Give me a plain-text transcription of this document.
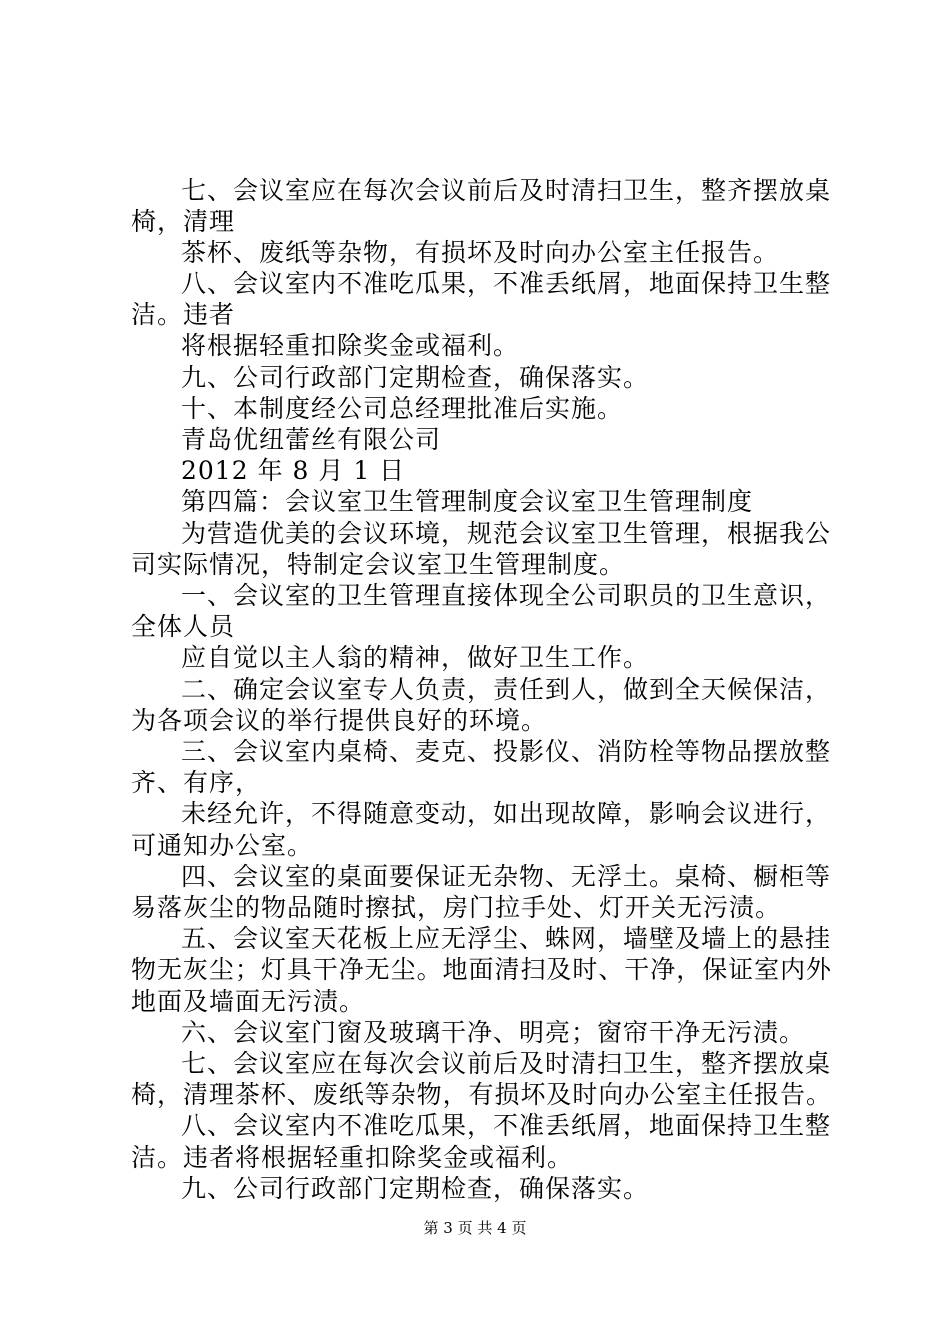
七、会议室应在每次会议前后及时清扫卫生，整齐摆放桌
椅，清理
茶杯、废纸等杂物，有损坏及时向办公室主任报告。
八、会议室内不准吃瓜果，不准丢纸屑，地面保持卫生整
洁。违者
将根据轻重扣除奖金或福利。
九、公司行政部门定期检查，确保落实。
十、本制度经公司总经理批准后实施。
青岛优纽蕾丝有限公司
2012 年 8 月 1 日
第四篇：会议室卫生管理制度会议室卫生管理制度
为营造优美的会议环境，规范会议室卫生管理，根据我公
司实际情况，特制定会议室卫生管理制度。
一、会议室的卫生管理直接体现全公司职员的卫生意识，
全体人员
应自觉以主人翁的精神，做好卫生工作。
二、确定会议室专人负责，责任到人，做到全天候保洁，
为各项会议的举行提供良好的环境。
三、会议室内桌椅、麦克、投影仪、消防栓等物品摆放整
齐、有序，
未经允许，不得随意变动，如出现故障，影响会议进行，
可通知办公室。
四、会议室的桌面要保证无杂物、无浮土。桌椅、橱柜等
易落灰尘的物品随时擦拭，房门拉手处、灯开关无污渍。
五、会议室天花板上应无浮尘、蛛网，墙壁及墙上的悬挂
物无灰尘；灯具干净无尘。地面清扫及时、干净，保证室内外
地面及墙面无污渍。
六、会议室门窗及玻璃干净、明亮；窗帘干净无污渍。
七、会议室应在每次会议前后及时清扫卫生，整齐摆放桌
椅，清理茶杯、废纸等杂物，有损坏及时向办公室主任报告。
八、会议室内不准吃瓜果，不准丢纸屑，地面保持卫生整
洁。违者将根据轻重扣除奖金或福利。
九、公司行政部门定期检查，确保落实。
第 3 页 共 4 页
